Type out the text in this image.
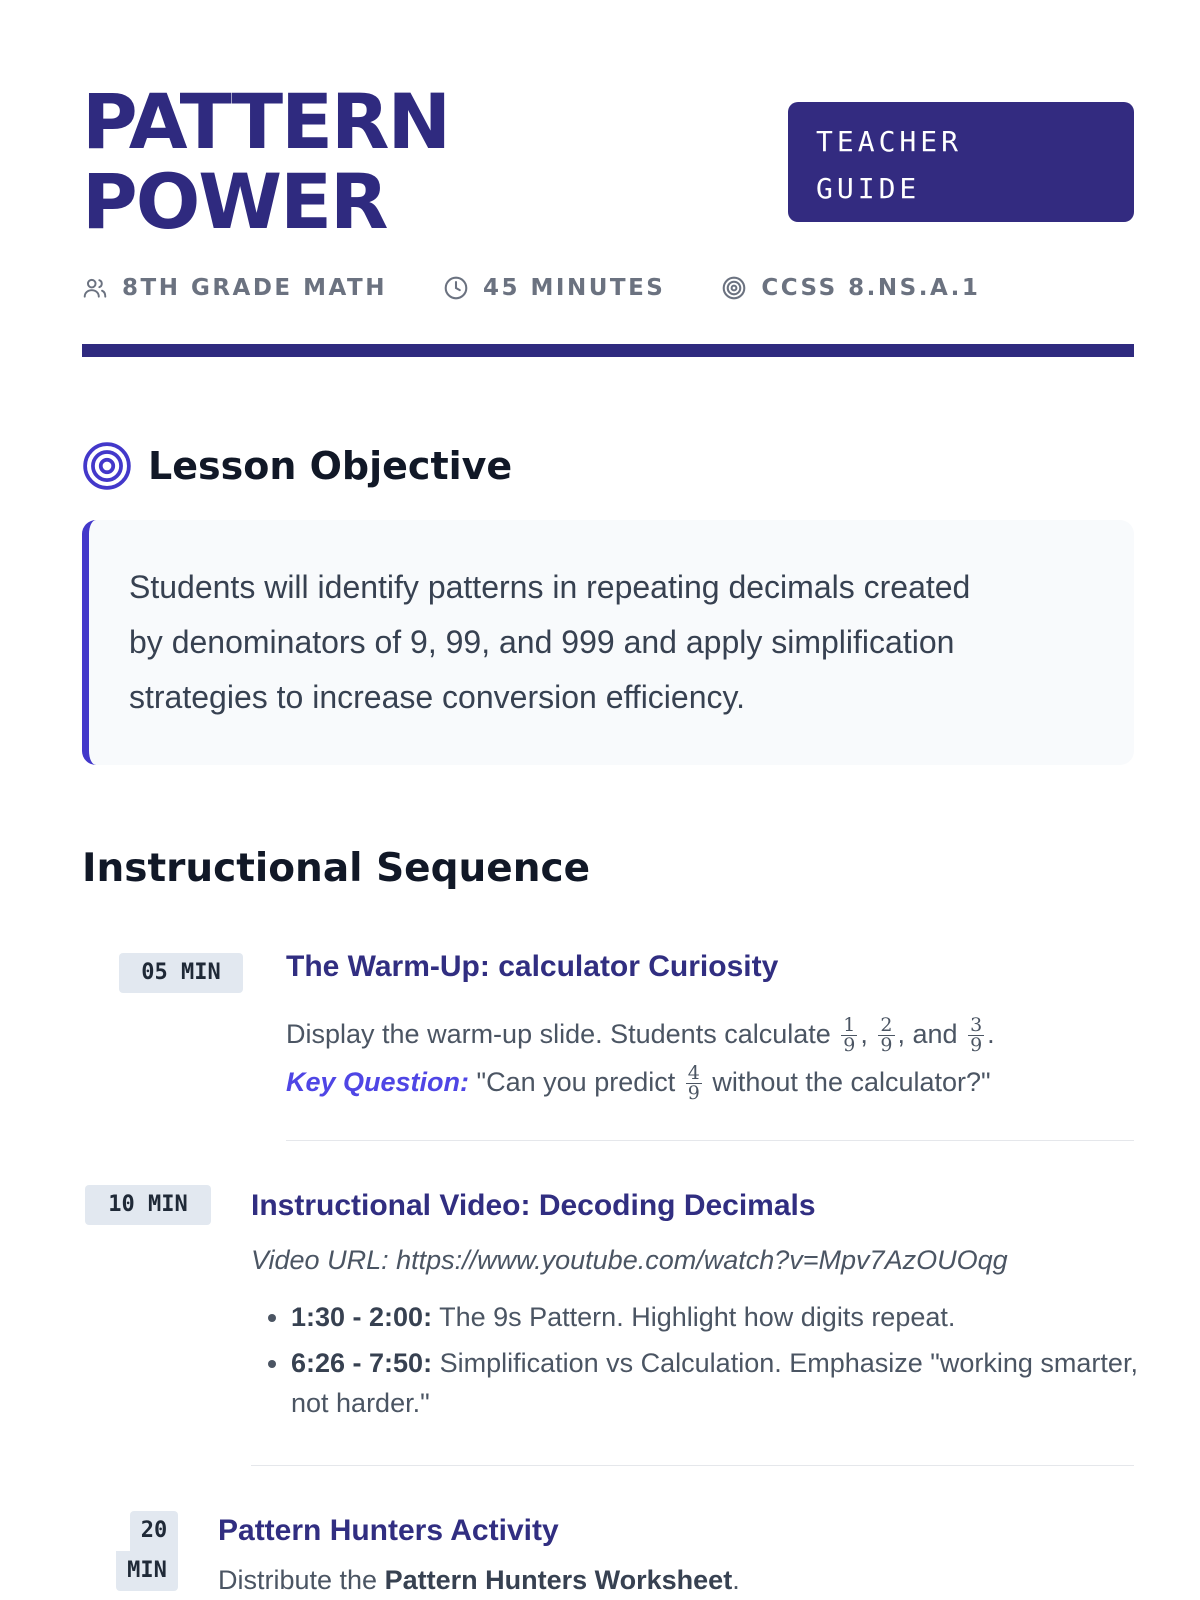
PATTERN
POWER
TEACHER
GUIDE
8TH GRADE MATH	45 MINUTES	CCSS 8.NS.A.1
Lesson Objective
Students will identify patterns in repeating decimals created
by denominators of 9, 99, and 999 and apply simplification
strategies to increase conversion efficiency.
Instructional Sequence
05 MIN	The Warm-Up: calculator Curiosity
Display the warm-up slide. Students calculate $\frac{1}{9}$ , $\frac{2}{9}$ , and $\frac{3}{9}$ .
Key Question: "Can you predict $\frac{4}{9}$ without the calculator?"
10 MIN	Instructional Video: Decoding Decimals
Video URL: https://www.youtube.com/watch?v=Mpv7AzOUOqg
• 1:30 - 2:00: The 9s Pattern. Highlight how digits repeat.
• 6:26 - 7:50: Simplification vs Calculation. Emphasize "working smarter, not harder."
20
MIN
Pattern Hunters Activity
Distribute the Pattern Hunters Worksheet.
